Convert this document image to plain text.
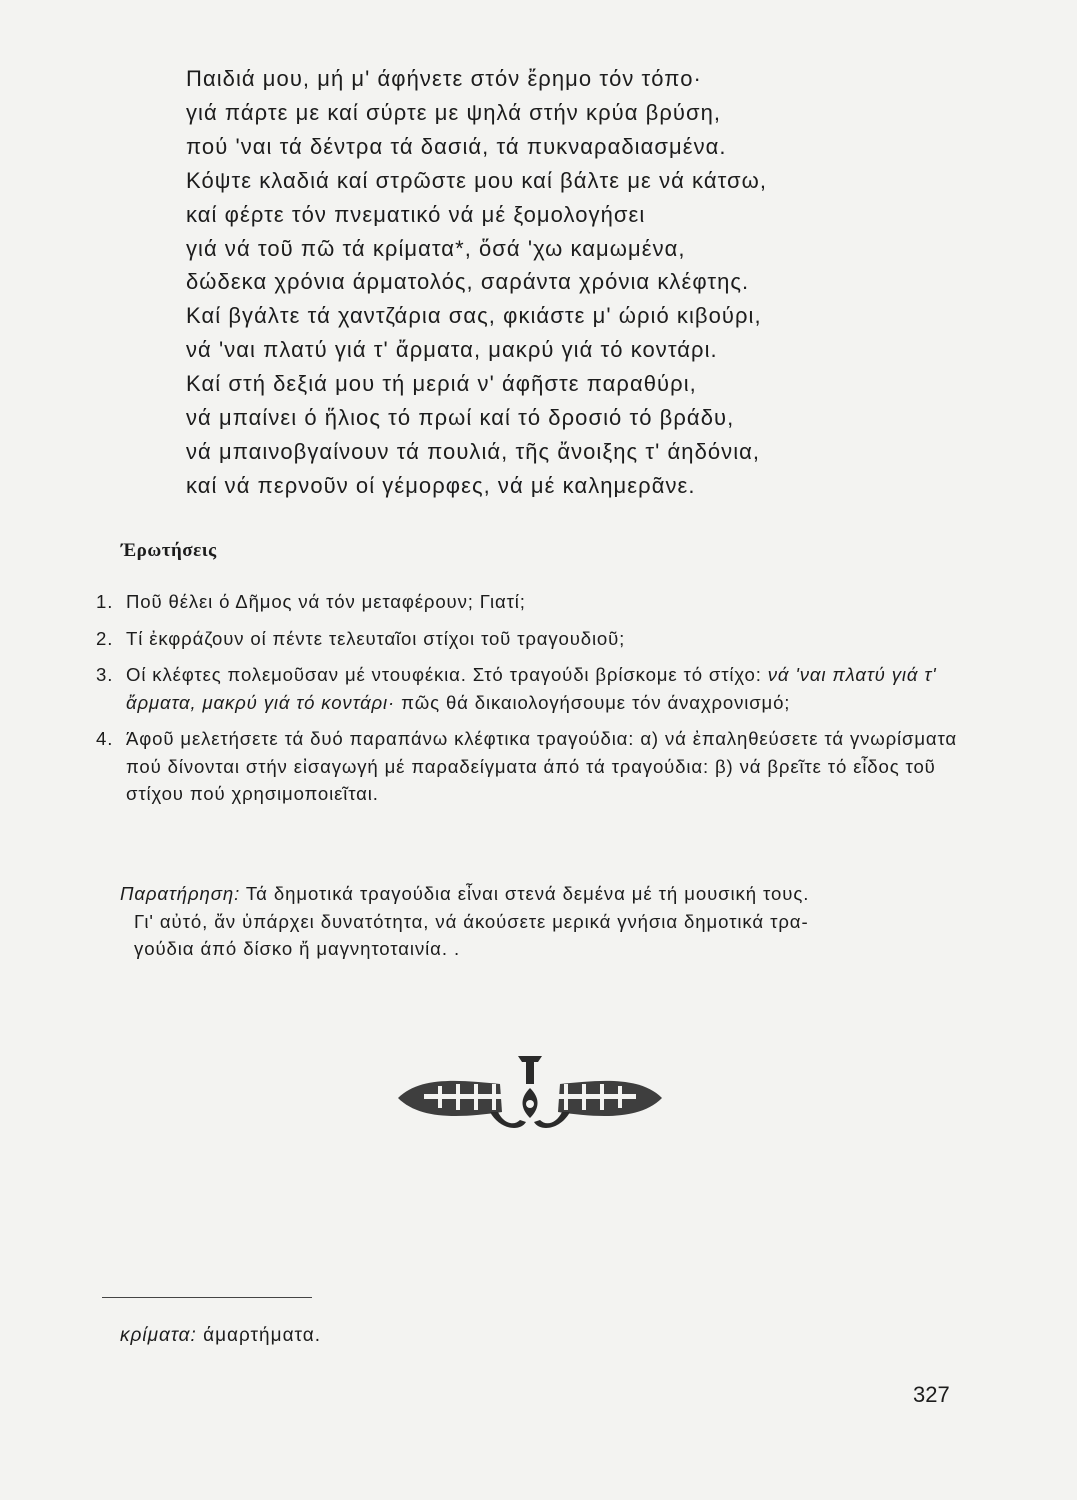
Παιδιά μου, μή μ' άφήνετε στόν ἔρημο τόν τόπο·

γιά πάρτε με καί σύρτε με ψηλά στήν κρύα βρύση,

πού 'ναι τά δέντρα τά δασιά, τά πυκναραδιασμένα.

Κόψτε κλαδιά καί στρῶστε μου καί βάλτε με νά κάτσω,

καί φέρτε τόν πνεματικό νά μέ ξομολογήσει

γιά νά τοῦ πῶ τά κρίματα*, ὅσά 'χω καμωμένα,

δώδεκα χρόνια άρματολός, σαράντα χρόνια κλέφτης.

Καί βγάλτε τά χαντζάρια σας, φκιάστε μ' ώριό κιβούρι,

νά 'ναι πλατύ γιά τ' ἄρματα, μακρύ γιά τό κοντάρι.

Καί στή δεξιά μου τή μεριά ν' άφῆστε παραθύρι,

νά μπαίνει ό ἥλιος τό πρωί καί τό δροσιό τό βράδυ,

νά μπαινοβγαίνουν τά πουλιά, τῆς ἄνοιξης τ' άηδόνια,

καί νά περνοῦν οί γέμορφες, νά μέ καλημερᾶνε.

Έρωτήσεις
1. Ποῦ θέλει ό Δῆμος νά τόν μεταφέρουν; Γιατί;
2. Τί ἐκφράζουν οί πέντε τελευταῖοι στίχοι τοῦ τραγουδιοῦ;
3. Οί κλέφτες πολεμοῦσαν μέ ντουφέκια. Στό τραγούδι βρίσκομε τό στίχο: νά 'ναι πλατύ γιά τ' ἄρματα, μακρύ γιά τό κοντάρι· πῶς θά δικαιολογήσουμε τόν άναχρονισμό;
4. Άφοῦ μελετήσετε τά δυό παραπάνω κλέφτικα τραγούδια: α) νά ἐπαληθεύσετε τά γνωρίσματα πού δίνονται στήν εἰσαγωγή μέ παραδείγματα άπό τά τραγούδια: β) νά βρεῖτε τό εἶδος τοῦ στίχου πού χρησιμοποιεῖται.
Παρατήρηση: Τά δημοτικά τραγούδια εἶναι στενά δεμένα μέ τή μουσική τους.
Γι' αὐτό, ἄν ὑπάρχει δυνατότητα, νά άκούσετε μερικά γνήσια δημοτικά τρα-
γούδια άπό δίσκο ἤ μαγνητοταινία. .
κρίματα: άμαρτήματα.
327
